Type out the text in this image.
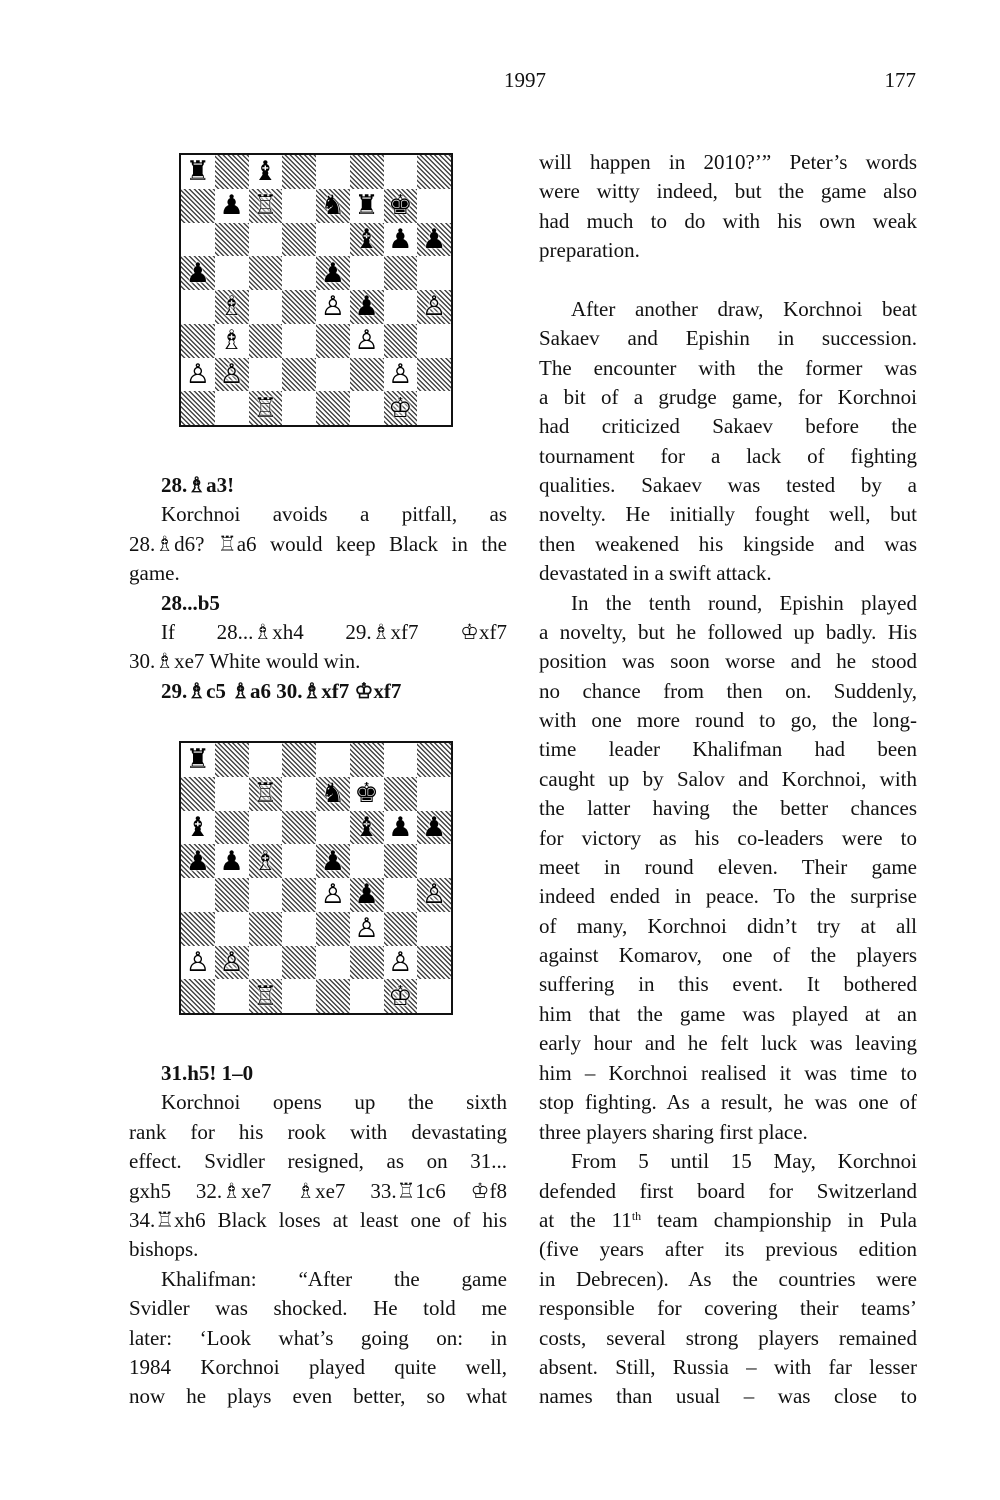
1997	177
♜ ♝
♟ ♖ ♞ ♜ ♚
♝ ♟ ♟
♟	♟
♗	♙ ♟ ♙
♗	♙
♙ ♙	♙
♖	♔
28.♗a3!
Korchnoi avoids a pitfall, as
28.♗d6? ♖a6 would keep Black in the
game.
28...b5
If 28...♗xh4 29.♗xf7 ♔xf7
30.♗xe7 White would win.
29.♗c5 ♗a6 30.♗xf7 ♔xf7
♜
♖ ♞ ♚
♝	♝ ♟ ♟
♟ ♟ ♗ ♟
♙ ♟ ♙
♙
♙ ♙	♙
♖	♔
31.h5! 1–0
Korchnoi opens up the sixth
rank for his rook with devastating
effect. Svidler resigned, as on 31...
gxh5 32.♗xe7 ♗xe7 33.♖1c6 ♔f8
34.♖xh6 Black loses at least one of his
bishops.
Khalifman: “After the game
Svidler was shocked. He told me
later: ‘Look what’s going on: in
1984 Korchnoi played quite well,
now he plays even better, so what
will happen in 2010?’” Peter’s words
were witty indeed, but the game also
had much to do with his own weak
preparation.
After another draw, Korchnoi beat
Sakaev and Epishin in succession.
The encounter with the former was
a bit of a grudge game, for Korchnoi
had criticized Sakaev before the
tournament for a lack of fighting
qualities. Sakaev was tested by a
novelty. He initially fought well, but
then weakened his kingside and was
devastated in a swift attack.
In the tenth round, Epishin played
a novelty, but he followed up badly. His
position was soon worse and he stood
no chance from then on. Suddenly,
with one more round to go, the long-
time leader Khalifman had been
caught up by Salov and Korchnoi, with
the latter having the better chances
for victory as his co-leaders were to
meet in round eleven. Their game
indeed ended in peace. To the surprise
of many, Korchnoi didn’t try at all
against Komarov, one of the players
suffering in this event. It bothered
him that the game was played at an
early hour and he felt luck was leaving
him – Korchnoi realised it was time to
stop fighting. As a result, he was one of
three players sharing first place.
From 5 until 15 May, Korchnoi
defended first board for Switzerland
at the 11th team championship in Pula
(five years after its previous edition
in Debrecen). As the countries were
responsible for covering their teams’
costs, several strong players remained
absent. Still, Russia – with far lesser
names than usual – was close to
